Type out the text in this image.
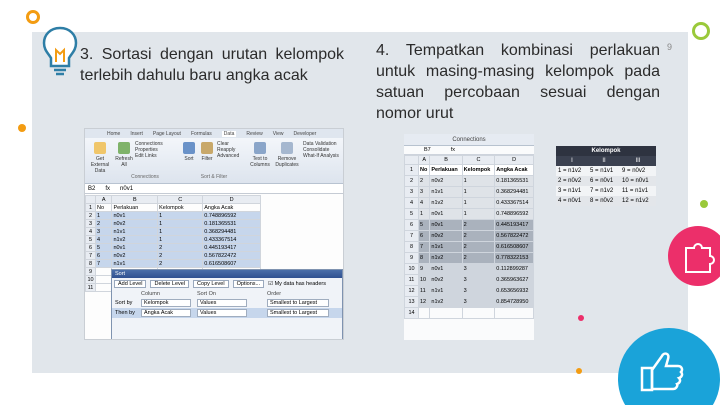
3. Sortasi dengan urutan kelompok terlebih dahulu baru angka acak

4. Tempatkan kombinasi perlakuan untuk masing-masing kelompok pada satuan percobaan sesuai dengan nomor urut

9
Home Insert Page Layout Formulas	Data	Review View Developer
Get External Data
Refresh All
Connections
Properties
Edit Links
Connections
Sort	Filter
Clear
Reapply
Advanced
Sort & Filter
Text to Columns
Remove Duplicates
Data Validation
Consolidate
What-If Analysis
B2 fx n0v1
	A	B	C	D
1	No	Perlakuan	Kelompok	Angka Acak
2	1	n0v1	1	0.748896592
3	2	n0v2	1	0.181365531
4	3	n1v1	1	0.368294481
5	4	n1v2	1	0.433367514
6	5	n0v1	2	0.445193417
7	6	n0v2	2	0.567822472
8	7	n1v1	2	0.616508607
9				
10				
11				
Sort
Add Level	Delete Level	Copy Level	Options...	☑ My data has headers
Column	Sort On	Order
Sort by	Kelompok	Values	Smallest to Largest
Then by	Angka Acak	Values	Smallest to Largest
Connections
B7	fx
	A	B	C	D
1	No	Perlakuan	Kelompok	Angka Acak
2	2	n0v2	1	0.181365531
3	3	n1v1	1	0.368294481
4	4	n1v2	1	0.433367514
5	1	n0v1	1	0.748896592
6	5	n0v1	2	0.445193417
7	6	n0v2	2	0.567822472
8	7	n1v1	2	0.616508607
9	8	n1v2	2	0.778322153
10	9	n0v1	3	0.112899287
11	10	n0v2	3	0.365963627
12	11	n1v1	3	0.653656932
13	12	n1v2	3	0.854728950
14				
Kelompok		
I	II	III
1 = n1v2	5 = n1v1	9 = n0v2
2 = n0v2	6 = n0v1	10 = n0v1
3 = n1v1	7 = n1v2	11 = n1v1
4 = n0v1	8 = n0v2	12 = n1v2
